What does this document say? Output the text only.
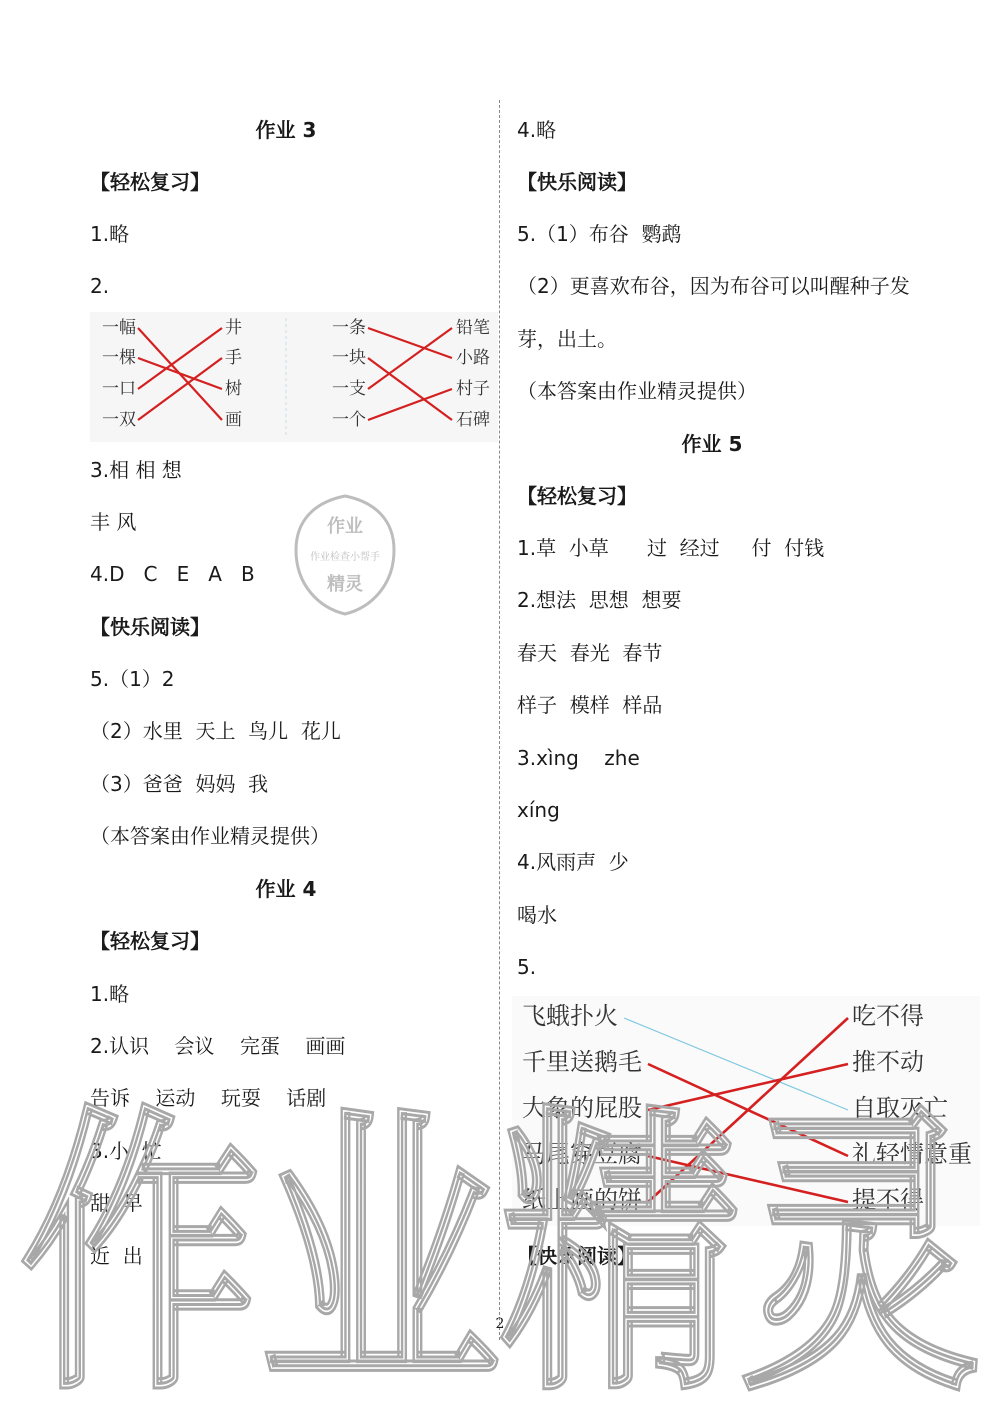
作业 3
【轻松复习】
1.略
2.
一幅
一棵
一口
一双
井
手
树
画
一条
一块
一支
一个
铅笔
小路
村子
石碑
3.相 相 想
丰 风
4.D   C   E   A   B
作业
作业检查小帮手
精灵
【快乐阅读】
5.（1）2
（2）水里  天上  鸟儿  花儿
（3）爸爸  妈妈  我
（本答案由作业精灵提供）
作业 4
【轻松复习】
1.略
2.认识    会议    完蛋    画画
告诉    运动    玩耍    话剧
3.小  忙
甜  早
近  出
4.略
【快乐阅读】
5.（1）布谷  鹦鹉
（2）更喜欢布谷，因为布谷可以叫醒种子发
芽，出土。
（本答案由作业精灵提供）
作业 5
【轻松复习】
1.草  小草      过  经过     付  付钱
2.想法  思想  想要
春天  春光  春节
样子  模样  样品
3.xìng    zhe
xíng
4.风雨声  少
喝水
5.
飞蛾扑火
千里送鹅毛
大象的屁股
马尾穿豆腐
纸上画的饼
吃不得
推不动
自取灭亡
礼轻情意重
提不得
【快乐阅读】
作业精灵
2
